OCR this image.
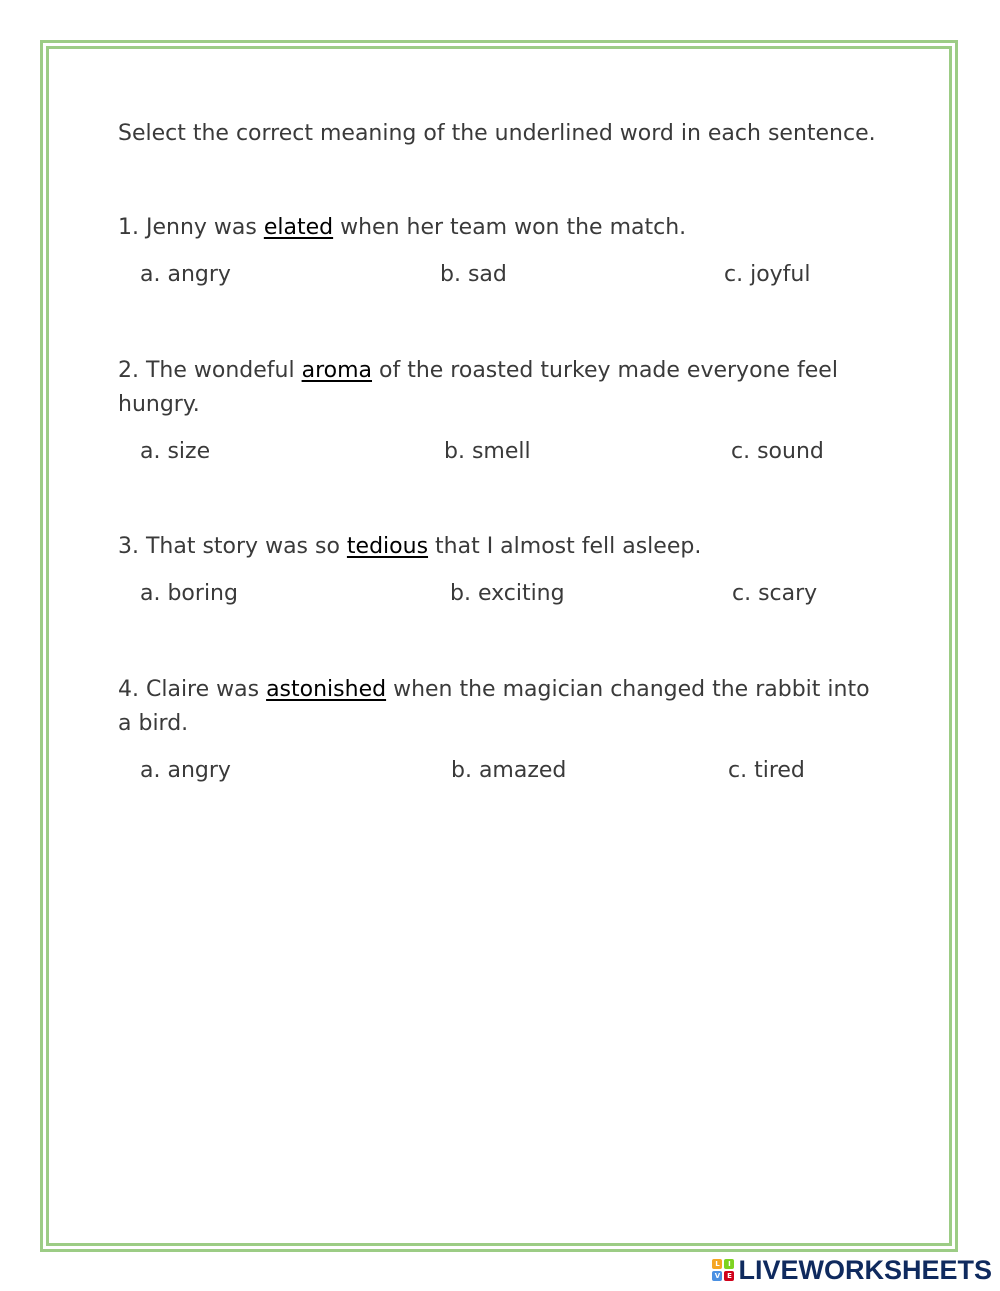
Select the correct meaning of the underlined word in each sentence.

1. Jenny was elated when her team won the match.

a. angry	b. sad	c. joyful

2. The wondeful aroma of the roasted turkey made everyone feel hungry.

a. size	b. smell	c. sound

3. That story was so tedious that I almost fell asleep.

a. boring	b. exciting	c. scary

4. Claire was astonished when the magician changed the rabbit into a bird.

a. angry	b. amazed	c. tired
L	I
V E LIVEWORKSHEETS
